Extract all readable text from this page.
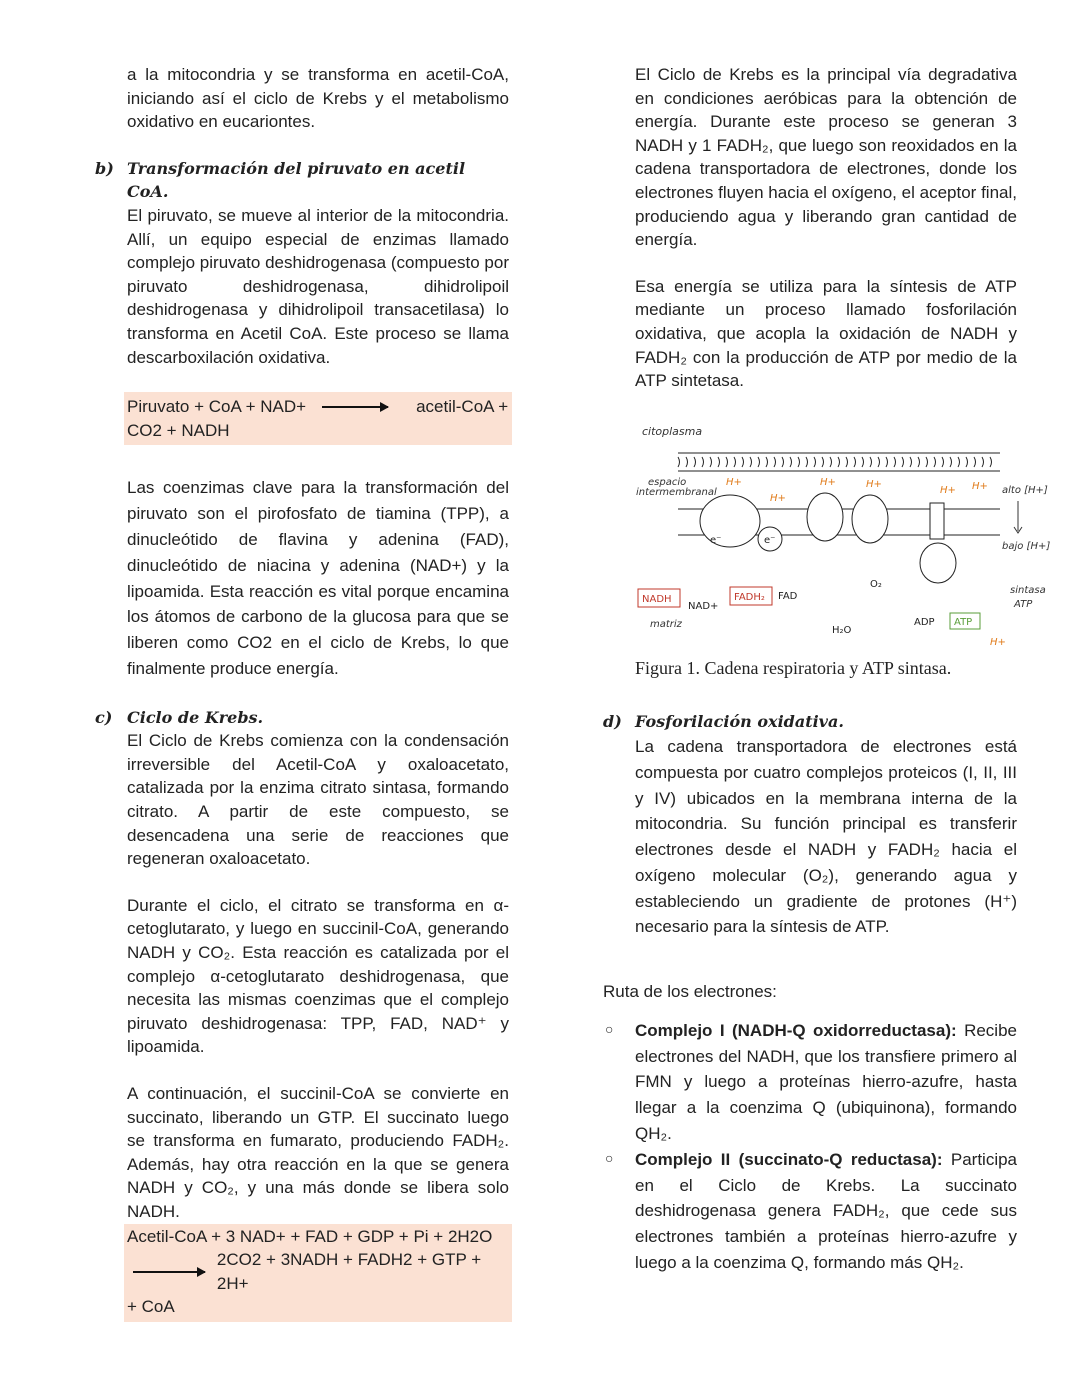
a la mitocondria y se transforma en acetil-CoA, iniciando así el ciclo de Krebs y el metabolismo oxidativo en eucariontes.

b) Transformación del piruvato en acetil CoA.

El piruvato, se mueve al interior de la mitocondria. Allí, un equipo especial de enzimas llamado complejo piruvato deshidrogenasa (compuesto por piruvato deshidrogenasa, dihidrolipoil deshidrogenasa y dihidrolipoil transacetilasa) lo transforma en Acetil CoA. Este proceso se llama descarboxilación oxidativa.

Piruvato + CoA + NAD+ → acetil-CoA +
CO2 + NADH

Las coenzimas clave para la transformación del piruvato son el pirofosfato de tiamina (TPP), a dinucleótido de flavina y adenina (FAD), dinucleótido de niacina y adenina (NAD+) y la lipoamida. Esta reacción es vital porque encamina los átomos de carbono de la glucosa para que se liberen como CO2 en el ciclo de Krebs, lo que finalmente produce energía.

c) Ciclo de Krebs.

El Ciclo de Krebs comienza con la condensación irreversible del Acetil-CoA y oxaloacetato, catalizada por la enzima citrato sintasa, formando citrato. A partir de este compuesto, se desencadena una serie de reacciones que regeneran oxaloacetato.

Durante el ciclo, el citrato se transforma en α-cetoglutarato, y luego en succinil-CoA, generando NADH y CO₂. Esta reacción es catalizada por el complejo α-cetoglutarato deshidrogenasa, que necesita las mismas coenzimas que el complejo piruvato deshidrogenasa: TPP, FAD, NAD⁺ y lipoamida.

A continuación, el succinil-CoA se convierte en succinato, liberando un GTP. El succinato luego se transforma en fumarato, produciendo FADH₂. Además, hay otra reacción en la que se genera NADH y CO₂, y una más donde se libera solo NADH.

Acetil-CoA + 3 NAD+ + FAD + GDP + Pi + 2H2O
2CO2 + 3NADH + FADH2 + GTP + 2H+
+ CoA

El Ciclo de Krebs es la principal vía degradativa en condiciones aeróbicas para la obtención de energía. Durante este proceso se generan 3 NADH y 1 FADH₂, que luego son reoxidados en la cadena transportadora de electrones, donde los electrones fluyen hacia el oxígeno, el aceptor final, produciendo agua y liberando gran cantidad de energía.

Esa energía se utiliza para la síntesis de ATP mediante un proceso llamado fosforilación oxidativa, que acopla la oxidación de NADH y FADH₂ con la producción de ATP por medio de la ATP sintetasa.

citoplasma
espacio
intermembranal
H+
H+
H+	H+
H+ H+
H+
alto [H+]
bajo [H+]
e⁻	e⁻
NADH
NAD+
FADH₂ FAD
O₂
H₂O
ADP ATP
sintasa
ATP
matriz
Figura 1. Cadena respiratoria y ATP sintasa.
d) Fosforilación oxidativa.

La cadena transportadora de electrones está compuesta por cuatro complejos proteicos (I, II, III y IV) ubicados en la membrana interna de la mitocondria. Su función principal es transferir electrones desde el NADH y FADH₂ hacia el oxígeno molecular (O₂), generando agua y estableciendo un gradiente de protones (H⁺) necesario para la síntesis de ATP.

Ruta de los electrones:
○ Complejo I (NADH-Q oxidorreductasa): Recibe electrones del NADH, que los transfiere primero al FMN y luego a proteínas hierro-azufre, hasta llegar a la coenzima Q (ubiquinona), formando QH₂.

○ Complejo II (succinato-Q reductasa): Participa en el Ciclo de Krebs. La succinato deshidrogenasa genera FADH₂, que cede sus electrones también a proteínas hierro-azufre y luego a la coenzima Q, formando más QH₂.
